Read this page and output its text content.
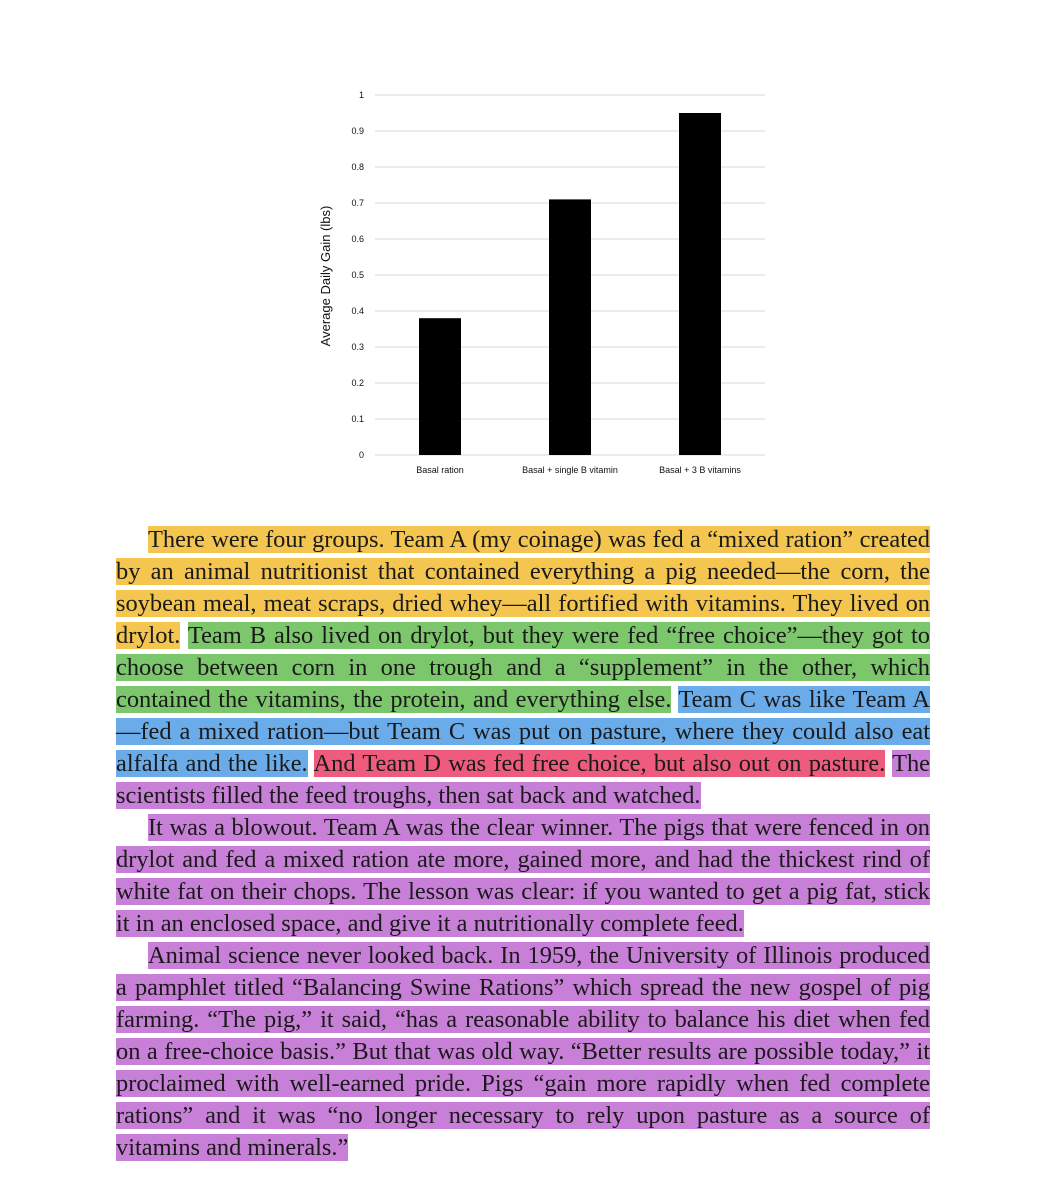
0
0.1
0.2
0.3
0.4
0.5
0.6
0.7
0.8
0.9
1
Basal ration	Basal + single B vitamin	Basal + 3 B vitamins
Average Daily Gain (lbs)

There were four groups. Team A (my coinage) was fed a “mixed ration” created by an animal nutritionist that contained everything a pig needed—the corn, the soybean meal, meat scraps, dried whey—all fortified with vitamins. They lived on drylot. Team B also lived on drylot, but they were fed “free choice”—they got to choose between corn in one trough and a “supplement” in the other, which contained the vitamins, the protein, and everything else. Team C was like Team A—fed a mixed ration—but Team C was put on pasture, where they could also eat alfalfa and the like. And Team D was fed free choice, but also out on pasture. The scientists filled the feed troughs, then sat back and watched.

It was a blowout. Team A was the clear winner. The pigs that were fenced in on drylot and fed a mixed ration ate more, gained more, and had the thickest rind of white fat on their chops. The lesson was clear: if you wanted to get a pig fat, stick it in an enclosed space, and give it a nutritionally complete feed.

Animal science never looked back. In 1959, the University of Illinois produced a pamphlet titled “Balancing Swine Rations” which spread the new gospel of pig farming. “The pig,” it said, “has a reasonable ability to balance his diet when fed on a free-choice basis.” But that was old way. “Better results are possible today,” it proclaimed with well-earned pride. Pigs “gain more rapidly when fed complete rations” and it was “no longer necessary to rely upon pasture as a source of vitamins and minerals.”
